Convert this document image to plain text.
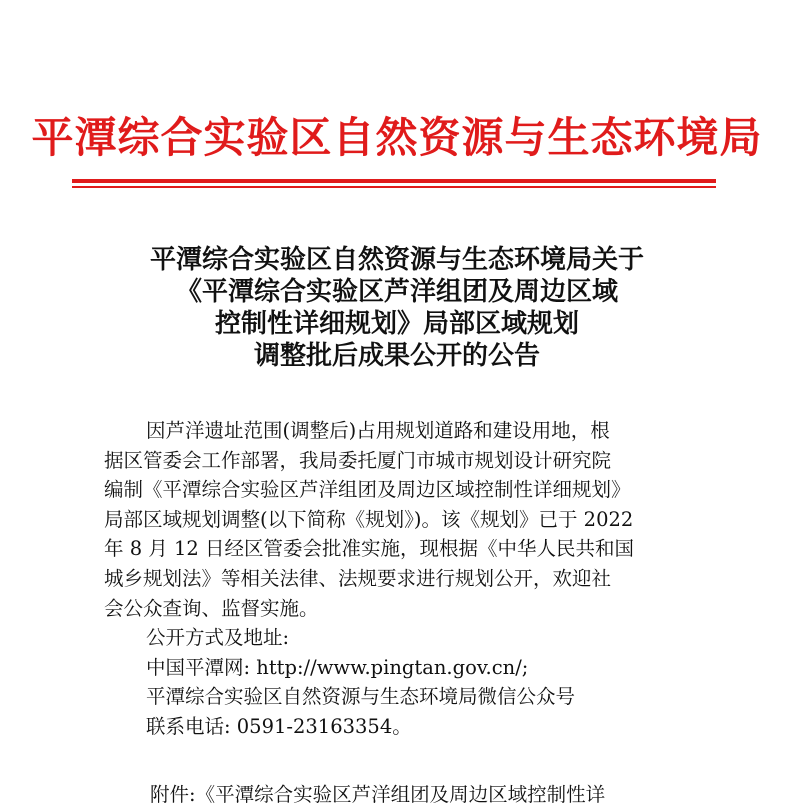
平潭综合实验区自然资源与生态环境局
平潭综合实验区自然资源与生态环境局关于
《平潭综合实验区芦洋组团及周边区域
控制性详细规划》局部区域规划
调整批后成果公开的公告
因芦洋遗址范围(调整后)占用规划道路和建设用地，根
据区管委会工作部署，我局委托厦门市城市规划设计研究院
编制《平潭综合实验区芦洋组团及周边区域控制性详细规划》
局部区域规划调整(以下简称《规划》)。该《规划》已于 2022
年 8 月 12 日经区管委会批准实施，现根据《中华人民共和国
城乡规划法》等相关法律、法规要求进行规划公开，欢迎社
会公众查询、监督实施。
公开方式及地址:
中国平潭网: http://www.pingtan.gov.cn/;
平潭综合实验区自然资源与生态环境局微信公众号
联系电话: 0591-23163354。
附件:《平潭综合实验区芦洋组团及周边区域控制性详
